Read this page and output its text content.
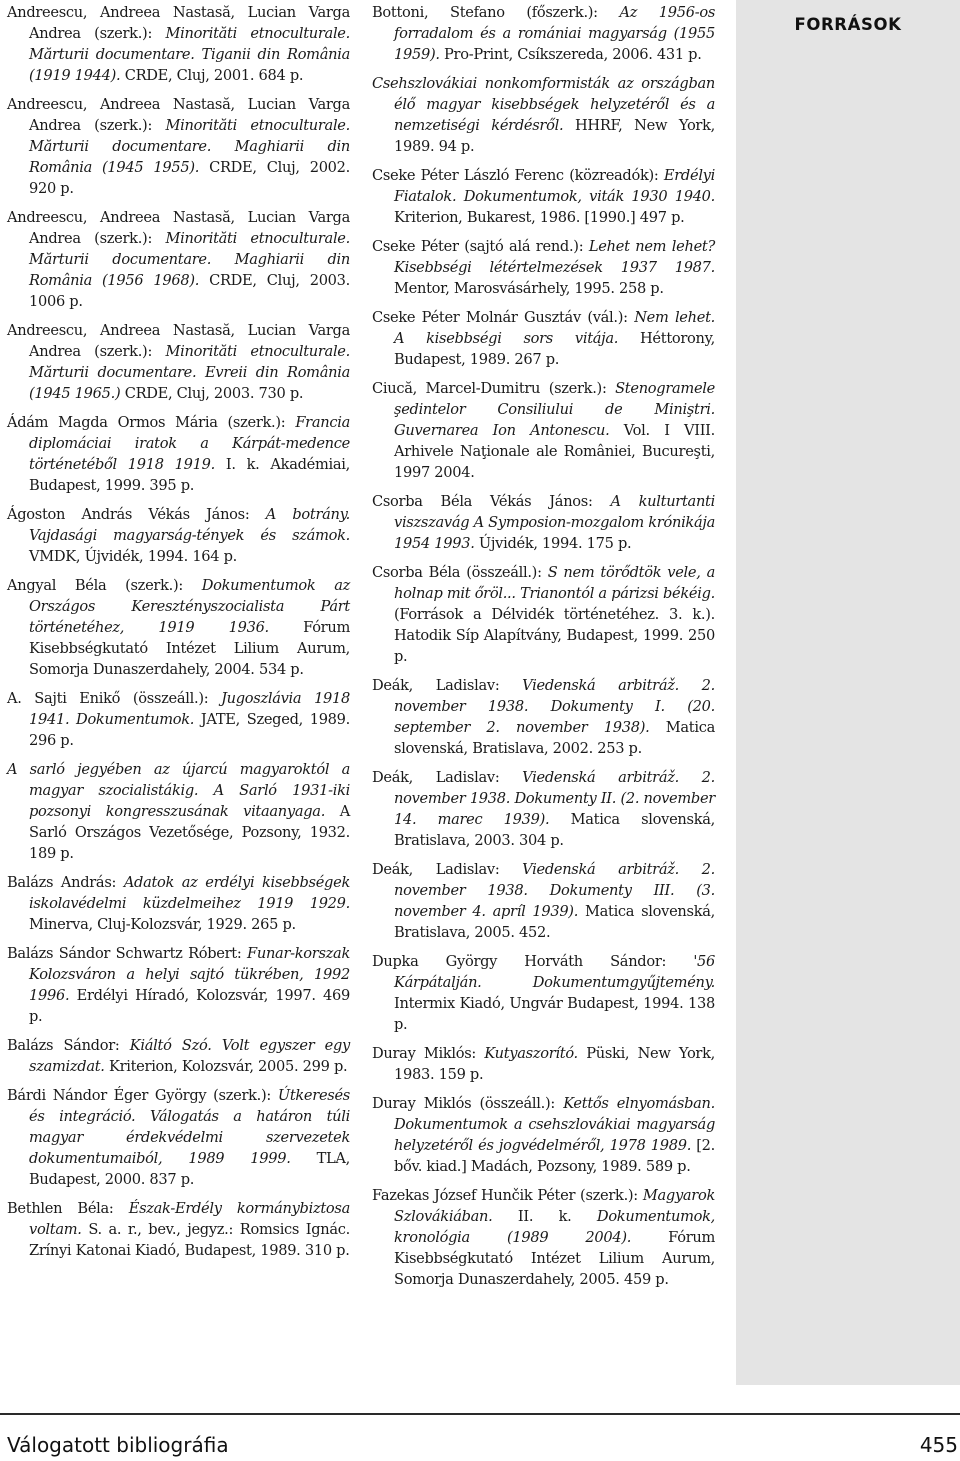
FORRÁSOK

Andreescu, Andreea Nastasă, Lucian Varga Andrea (szerk.): Minorităti etnoculturale. Mărturii documentare. Tiganii din România (1919 1944). CRDE, Cluj, 2001. 684 p.

Andreescu, Andreea Nastasă, Lucian Varga Andrea (szerk.): Minorităti etnoculturale. Mărturii documentare. Maghiarii din România (1945 1955). CRDE, Cluj, 2002. 920 p.

Andreescu, Andreea Nastasă, Lucian Varga Andrea (szerk.): Minorităti etnoculturale. Mărturii documentare. Maghiarii din România (1956 1968). CRDE, Cluj, 2003. 1006 p.

Andreescu, Andreea Nastasă, Lucian Varga Andrea (szerk.): Minorităti etnoculturale. Mărturii documentare. Evreii din România (1945 1965.) CRDE, Cluj, 2003. 730 p.

Ádám Magda Ormos Mária (szerk.): Francia diplomáciai iratok a Kárpát-medence történetéből 1918 1919. I. k. Akadémiai, Budapest, 1999. 395 p.

Ágoston András Vékás János: A botrány. Vajdasági magyarság-tények és számok. VMDK, Újvidék, 1994. 164 p.

Angyal Béla (szerk.): Dokumentumok az Országos Keresztényszocialista Párt történetéhez, 1919 1936. Fórum Kisebbségkutató Intézet Lilium Aurum, Somorja Dunaszerdahely, 2004. 534 p.

A. Sajti Enikő (összeáll.): Jugoszlávia 1918 1941. Dokumentumok. JATE, Szeged, 1989. 296 p.

A sarló jegyében az újarcú magyaroktól a magyar szocialistákig. A Sarló 1931-iki pozsonyi kongresszusának vitaanyaga. A Sarló Országos Vezetősége, Pozsony, 1932. 189 p.

Balázs András: Adatok az erdélyi kisebbségek iskolavédelmi küzdelmeihez 1919 1929. Minerva, Cluj-Kolozsvár, 1929. 265 p.

Balázs Sándor Schwartz Róbert: Funar-korszak Kolozsváron a helyi sajtó tükrében, 1992 1996. Erdélyi Híradó, Kolozsvár, 1997. 469 p.

Balázs Sándor: Kiáltó Szó. Volt egyszer egy szamizdat. Kriterion, Kolozsvár, 2005. 299 p.

Bárdi Nándor Éger György (szerk.): Útkeresés és integráció. Válogatás a határon túli magyar érdekvédelmi szervezetek dokumentumaiból, 1989 1999. TLA, Budapest, 2000. 837 p.

Bethlen Béla: Észak-Erdély kormánybiztosa voltam. S. a. r., bev., jegyz.: Romsics Ignác. Zrínyi Katonai Kiadó, Budapest, 1989. 310 p.

Bottoni, Stefano (főszerk.): Az 1956-os forradalom és a romániai magyarság (1955 1959). Pro-Print, Csíkszereda, 2006. 431 p.

Csehszlovákiai nonkomformisták az országban élő magyar kisebbségek helyzetéről és a nemzetiségi kérdésről. HHRF, New York, 1989. 94 p.

Cseke Péter László Ferenc (közreadók): Erdélyi Fiatalok. Dokumentumok, viták 1930 1940. Kriterion, Bukarest, 1986. [1990.] 497 p.

Cseke Péter (sajtó alá rend.): Lehet nem lehet? Kisebbségi létértelmezések 1937 1987. Mentor, Marosvásárhely, 1995. 258 p.

Cseke Péter Molnár Gusztáv (vál.): Nem lehet. A kisebbségi sors vitája. Héttorony, Budapest, 1989. 267 p.

Ciucă, Marcel-Dumitru (szerk.): Stenogramele şedintelor Consiliului de Miniştri. Guvernarea Ion Antonescu. Vol. I VIII. Arhivele Naţionale ale României, Bucureşti, 1997 2004.

Csorba Béla Vékás János: A kulturtanti viszszavág A Symposion-mozgalom krónikája 1954 1993. Újvidék, 1994. 175 p.

Csorba Béla (összeáll.): S nem törődtök vele, a holnap mit őröl... Trianontól a párizsi békéig. (Források a Délvidék történetéhez. 3. k.). Hatodik Síp Alapítvány, Budapest, 1999. 250 p.

Deák, Ladislav: Viedenská arbitráž. 2. november 1938. Dokumenty I. (20. september 2. november 1938). Matica slovenská, Bratislava, 2002. 253 p.

Deák, Ladislav: Viedenská arbitráž. 2. november 1938. Dokumenty II. (2. november 14. marec 1939). Matica slovenská, Bratislava, 2003. 304 p.

Deák, Ladislav: Viedenská arbitráž. 2. november 1938. Dokumenty III. (3. november 4. apríl 1939). Matica slovenská, Bratislava, 2005. 452.

Dupka György Horváth Sándor: '56 Kárpátalján. Dokumentumgyűjtemény. Intermix Kiadó, Ungvár Budapest, 1994. 138 p.

Duray Miklós: Kutyaszorító. Püski, New York, 1983. 159 p.

Duray Miklós (összeáll.): Kettős elnyomásban. Dokumentumok a csehszlovákiai magyarság helyzetéről és jogvédelméről, 1978 1989. [2. bőv. kiad.] Madách, Pozsony, 1989. 589 p.

Fazekas József Hunčik Péter (szerk.): Magyarok Szlovákiában. II. k. Dokumentumok, kronológia (1989 2004). Fórum Kisebbségkutató Intézet Lilium Aurum, Somorja Dunaszerdahely, 2005. 459 p.

Válogatott bibliográfia	455
